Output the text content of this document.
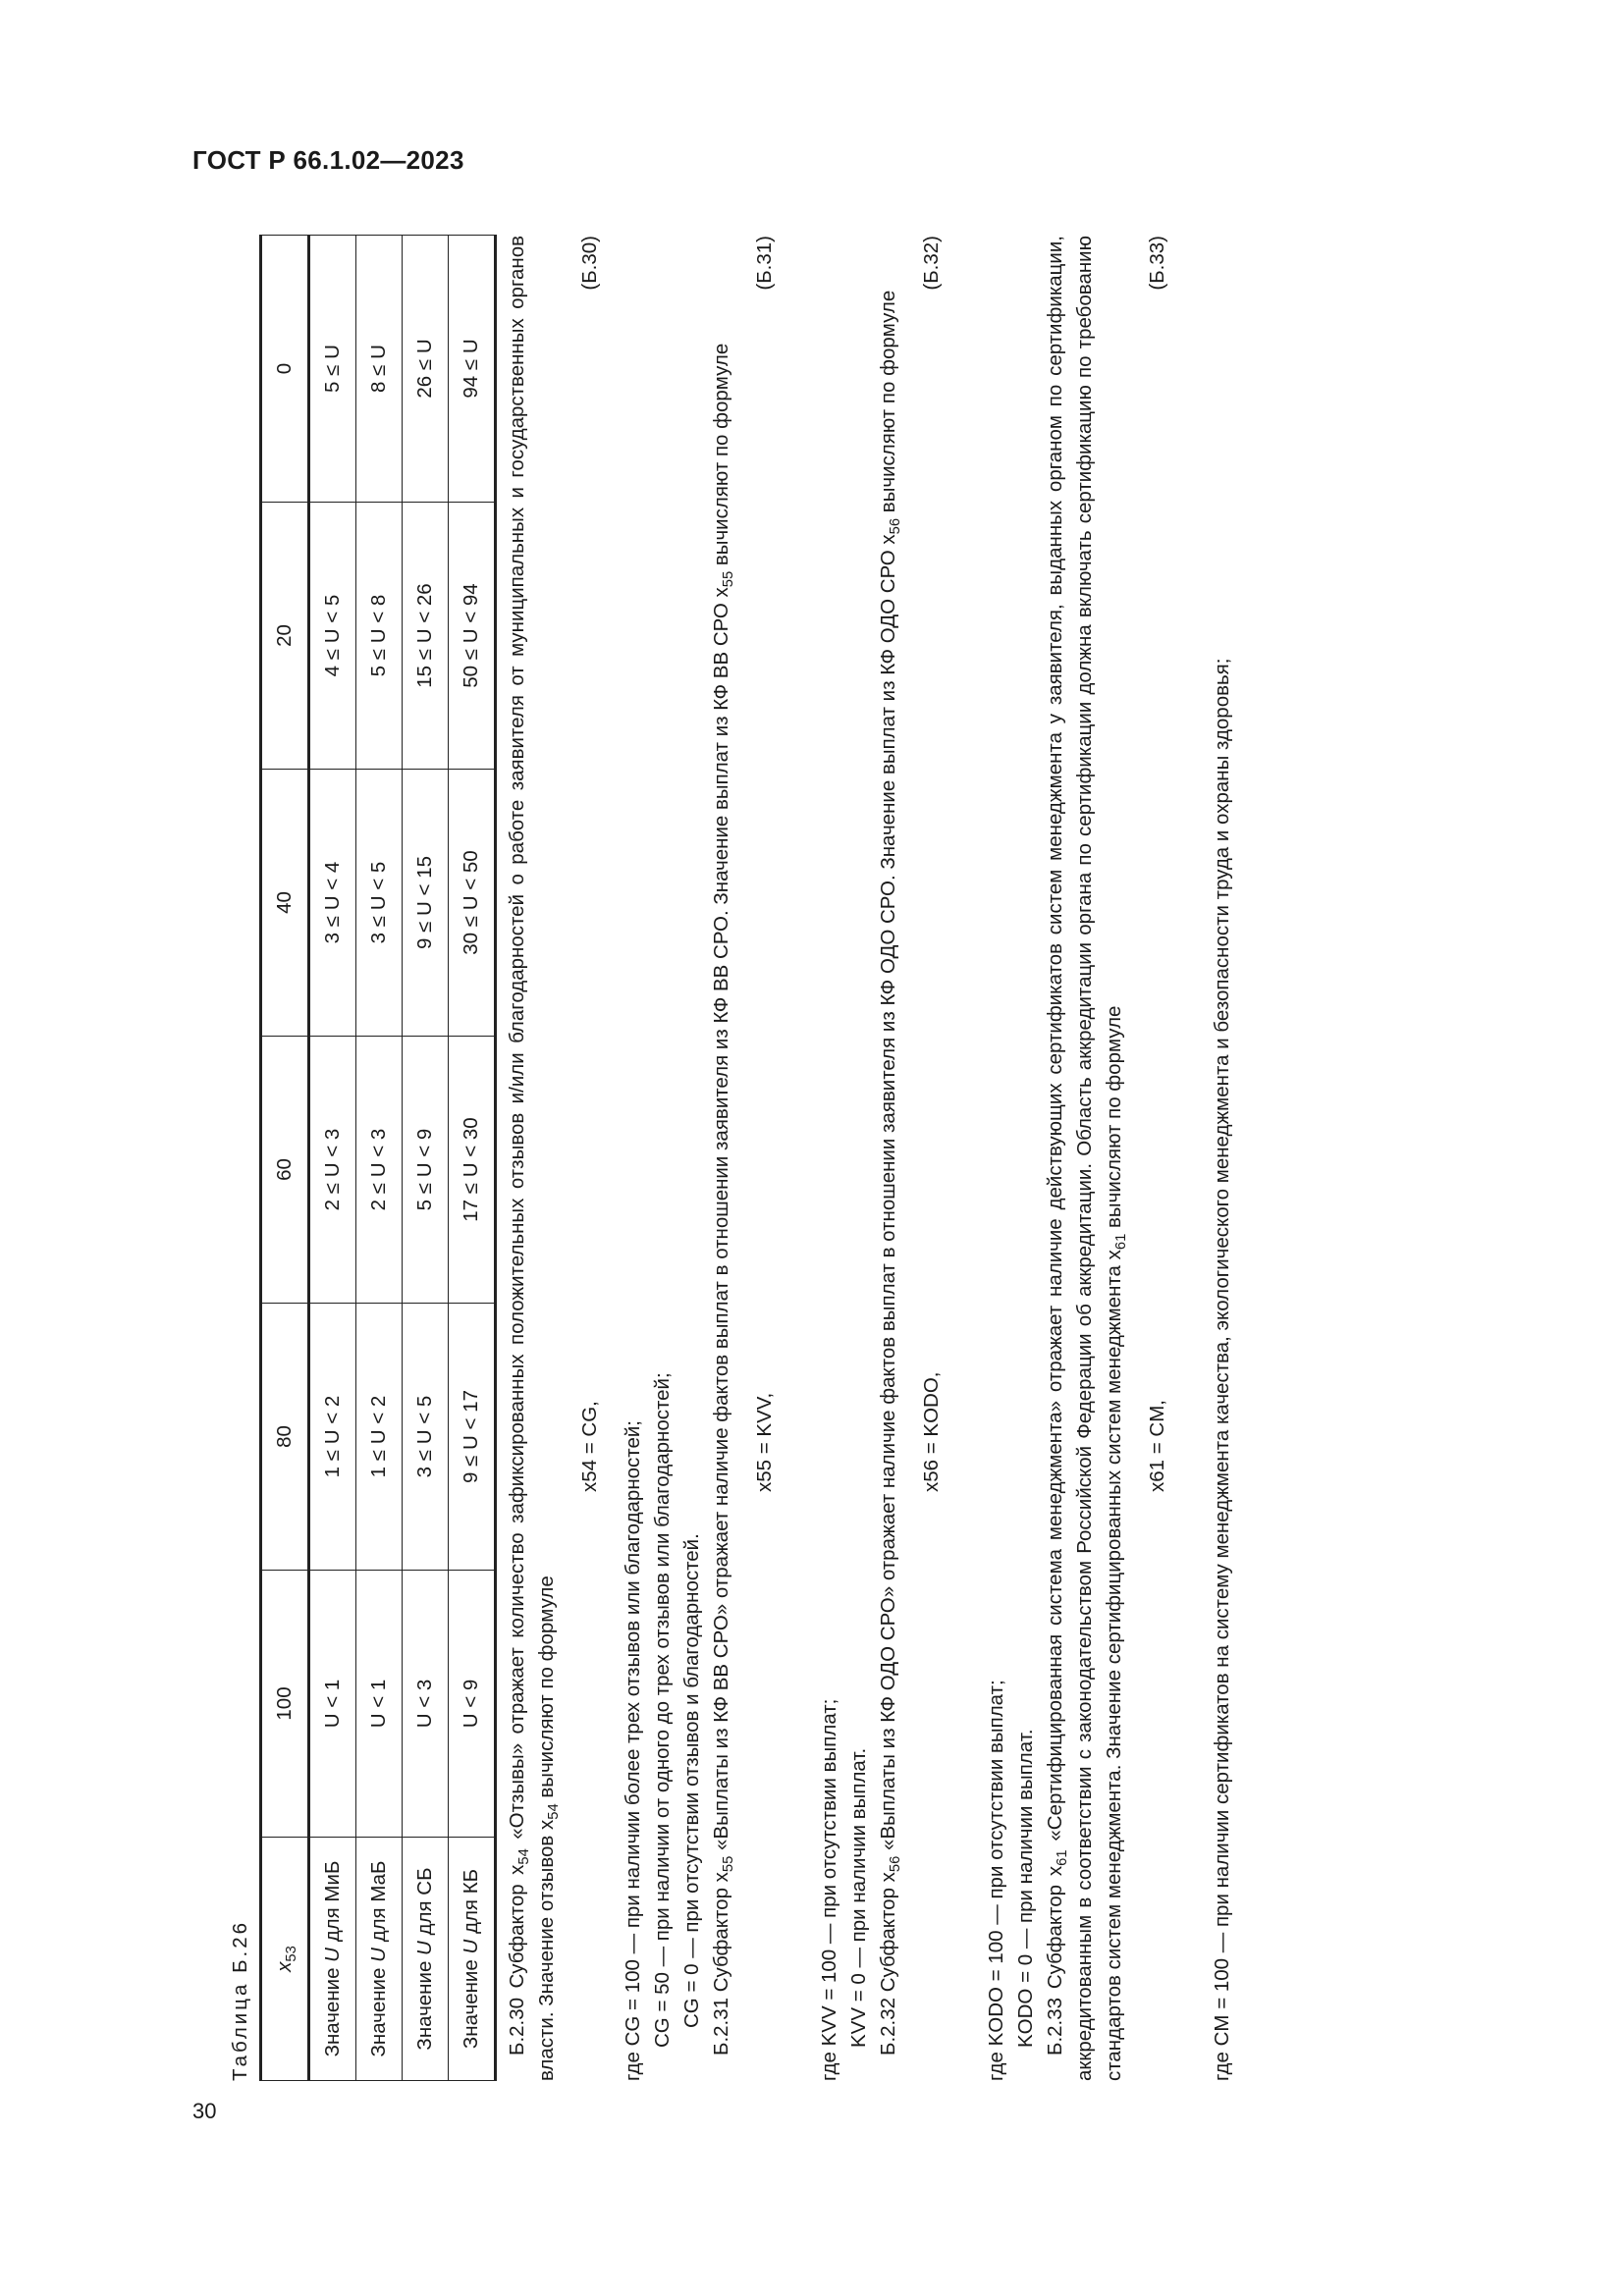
ГОСТ Р 66.1.02—2023
Таблица Б.26 $x_{53}$	100	80	60	40	20	0
Значение U для МиБ	U < 1	1 ≤ U < 2	2 ≤ U < 3	3 ≤ U < 4	4 ≤ U < 5	5 ≤ U
Значение U для МаБ	U < 1	1 ≤ U < 2	2 ≤ U < 3	3 ≤ U < 5	5 ≤ U < 8	8 ≤ U
Значение U для СБ	U < 3	3 ≤ U < 5	5 ≤ U < 9	9 ≤ U < 15	15 ≤ U < 26	26 ≤ U
Значение U для КБ	U < 9	9 ≤ U < 17	17 ≤ U < 30	30 ≤ U < 50	50 ≤ U < 94	94 ≤ U

Б.2.30 Субфактор $x_{54}$ «Отзывы» отражает количество зафиксированных положительных отзывов и/или благодарностей о работе заявителя от муниципальных и государственных органов власти. Значение отзывов $x_{54}$ вычисляют по формуле

x54 = CG,
(Б.30)

где CG = 100 — при наличии более трех отзывов или благодарностей; CG = 50 — при наличии от одного до трех отзывов или благодарностей; CG = 0 — при отсутствии отзывов и благодарностей. Б.2.31 Субфактор $x_{55}$ «Выплаты из КФ ВВ СРО» отражает наличие фактов выплат в отношении заявителя из КФ ВВ СРО. Значение выплат из КФ ВВ СРО $x_{55}$ вычисляют по формуле

x55 = KVV,
(Б.31)

где KVV = 100 — при отсутствии выплат; KVV = 0 — при наличии выплат. Б.2.32 Субфактор $x_{56}$ «Выплаты из КФ ОДО СРО» отражает наличие фактов выплат в отношении заявителя из КФ ОДО СРО. Значение выплат из КФ ОДО СРО $x_{56}$ вычисляют по формуле

x56 = KODO,
(Б.32)

где KODO = 100 — при отсутствии выплат; KODO = 0 — при наличии выплат. Б.2.33 Субфактор $x_{61}$ «Сертифицированная система менеджмента» отражает наличие действующих сертификатов систем менеджмента у заявителя, выданных органом по сертификации, аккредитованным в соответствии с законодательством Российской Федерации об аккредитации. Область аккредитации органа по сертификации должна включать сертификацию по требованию стандартов систем менеджмента. Значение сертифицированных систем менеджмента $x_{61}$ вычисляют по формуле

x61 = CM,
(Б.33)

где CM = 100 — при наличии сертификатов на систему менеджмента качества, экологического менеджмента и безопасности труда и охраны здоровья;

30
